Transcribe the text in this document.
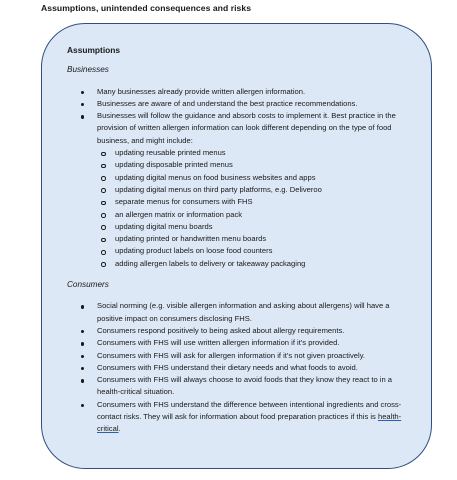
Assumptions, unintended consequences and risks
Assumptions
Businesses
Many businesses already provide written allergen information.
Businesses are aware of and understand the best practice recommendations.
Businesses will follow the guidance and absorb costs to implement it. Best practice in the provision of written allergen information can look different depending on the type of food business, and might include:
updating reusable printed menus
updating disposable printed menus
updating digital menus on food business websites and apps
updating digital menus on third party platforms, e.g. Deliveroo
separate menus for consumers with FHS
an allergen matrix or information pack
updating digital menu boards
updating printed or handwritten menu boards
updating product labels on loose food counters
adding allergen labels to delivery or takeaway packaging
Consumers
Social norming (e.g. visible allergen information and asking about allergens) will have a positive impact on consumers disclosing FHS.
Consumers respond positively to being asked about allergy requirements.
Consumers with FHS will use written allergen information if it's provided.
Consumers with FHS will ask for allergen information if it's not given proactively.
Consumers with FHS understand their dietary needs and what foods to avoid.
Consumers with FHS will always choose to avoid foods that they know they react to in a health-critical situation.
Consumers with FHS understand the difference between intentional ingredients and cross-contact risks. They will ask for information about food preparation practices if this is health-critical.
